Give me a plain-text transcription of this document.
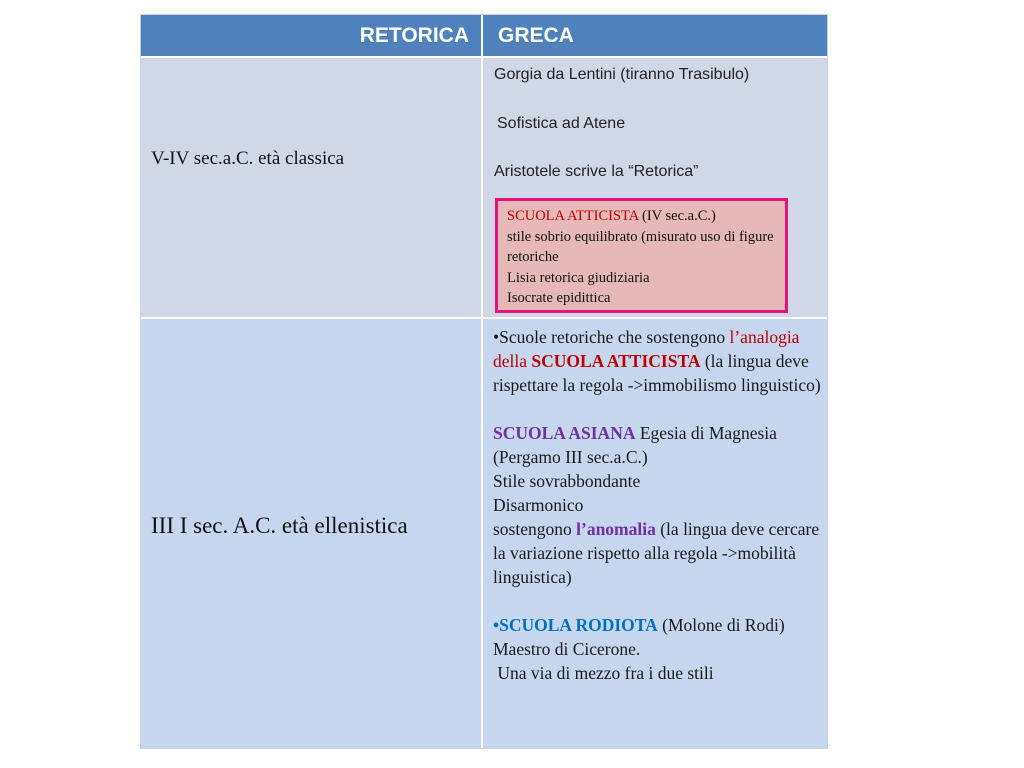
RETORICA	GRECA
V-IV sec.a.C. età classica
Gorgia da Lentini (tiranno Trasibulo)
Sofistica ad Atene
Aristotele scrive la “Retorica”
SCUOLA ATTICISTA (IV sec.a.C.)
stile sobrio equilibrato (misurato uso di figure retoriche
Lisia retorica giudiziaria
Isocrate epidittica
III I sec. A.C. età ellenistica

•Scuole retoriche che sostengono l’analogia della SCUOLA ATTICISTA (la lingua deve rispettare la regola ->immobilismo linguistico)

SCUOLA ASIANA Egesia di Magnesia (Pergamo III sec.a.C.)

Stile sovrabbondante

Disarmonico

sostengono l’anomalia (la lingua deve cercare la variazione rispetto alla regola ->mobilità linguistica)

•SCUOLA RODIOTA (Molone di Rodi)

Maestro di Cicerone.

Una via di mezzo fra i due stili
